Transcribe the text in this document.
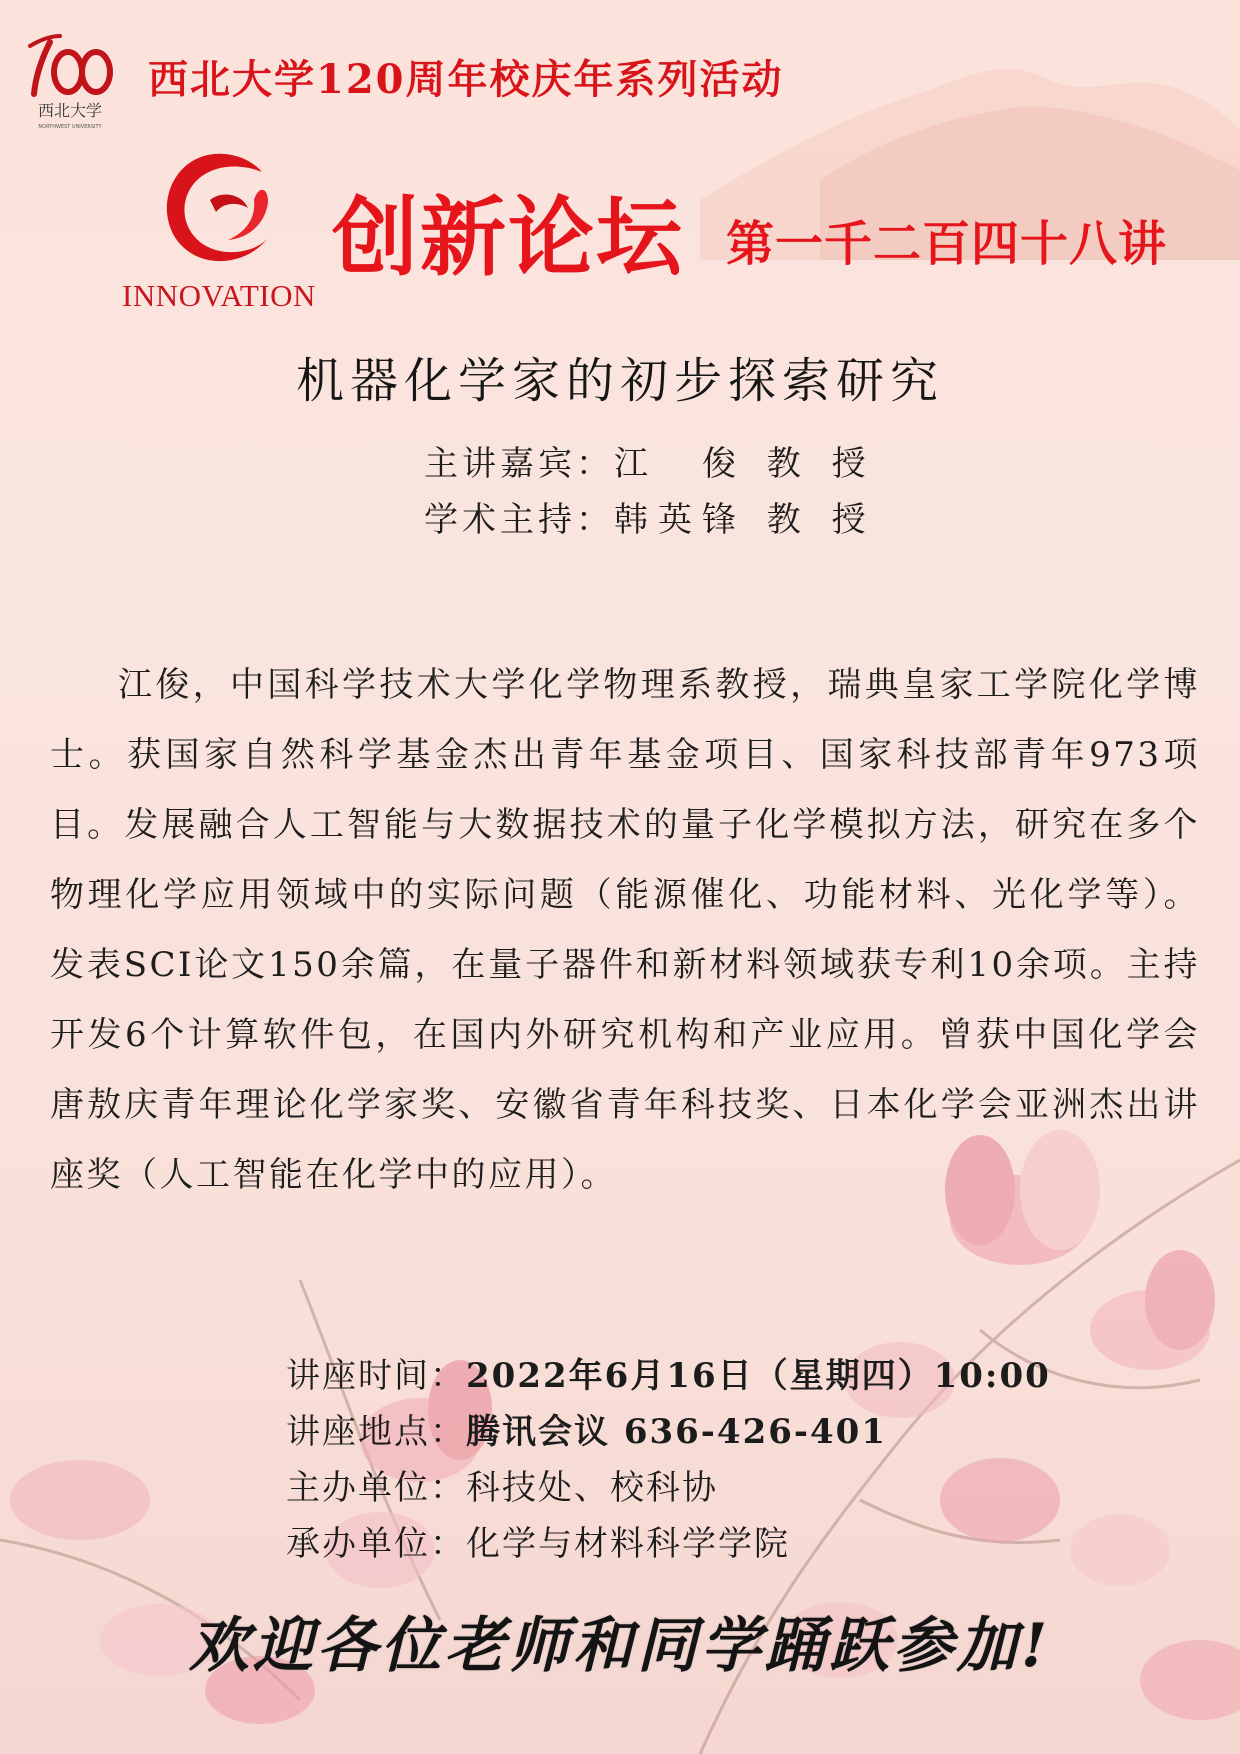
西北大学
NORTHWEST UNIVERSITY
西北大学120周年校庆年系列活动
INNOVATION
创新论坛 第一千二百四十八讲
机器化学家的初步探索研究
主讲嘉宾：江　俊 教 授
学术主持：韩英锋 教 授
江俊，中国科学技术大学化学物理系教授，瑞典皇家工学院化学博士。获国家自然科学基金杰出青年基金项目、国家科技部青年973项目。发展融合人工智能与大数据技术的量子化学模拟方法，研究在多个物理化学应用领域中的实际问题（能源催化、功能材料、光化学等）。发表SCI论文150余篇，在量子器件和新材料领域获专利10余项。主持开发6个计算软件包，在国内外研究机构和产业应用。曾获中国化学会唐敖庆青年理论化学家奖、安徽省青年科技奖、日本化学会亚洲杰出讲座奖（人工智能在化学中的应用）。
讲座时间：2022年6月16日（星期四）10:00
讲座地点：腾讯会议 636-426-401
主办单位：科技处、校科协
承办单位：化学与材料科学学院
欢迎各位老师和同学踊跃参加!
